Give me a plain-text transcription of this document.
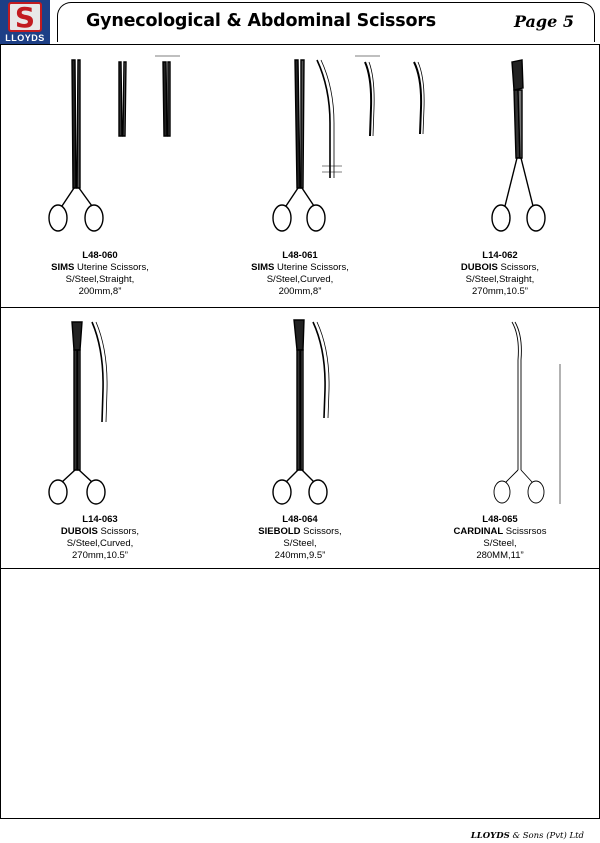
S
LLOYDS
Gynecological & Abdominal Scissors	Page 5
L48-060
SIMS Uterine Scissors,
S/Steel,Straight,
200mm,8”
L48-061
SIMS Uterine Scissors,
S/Steel,Curved,
200mm,8”
L14-062
DUBOIS Scissors,
S/Steel,Straight,
270mm,10.5”
L14-063
DUBOIS Scissors,
S/Steel,Curved,
270mm,10.5”
L48-064
SIEBOLD Scissors,
S/Steel,
240mm,9.5”
L48-065
CARDINAL Scissrsos
S/Steel,
280MM,11”
LLOYDS & Sons (Pvt) Ltd
